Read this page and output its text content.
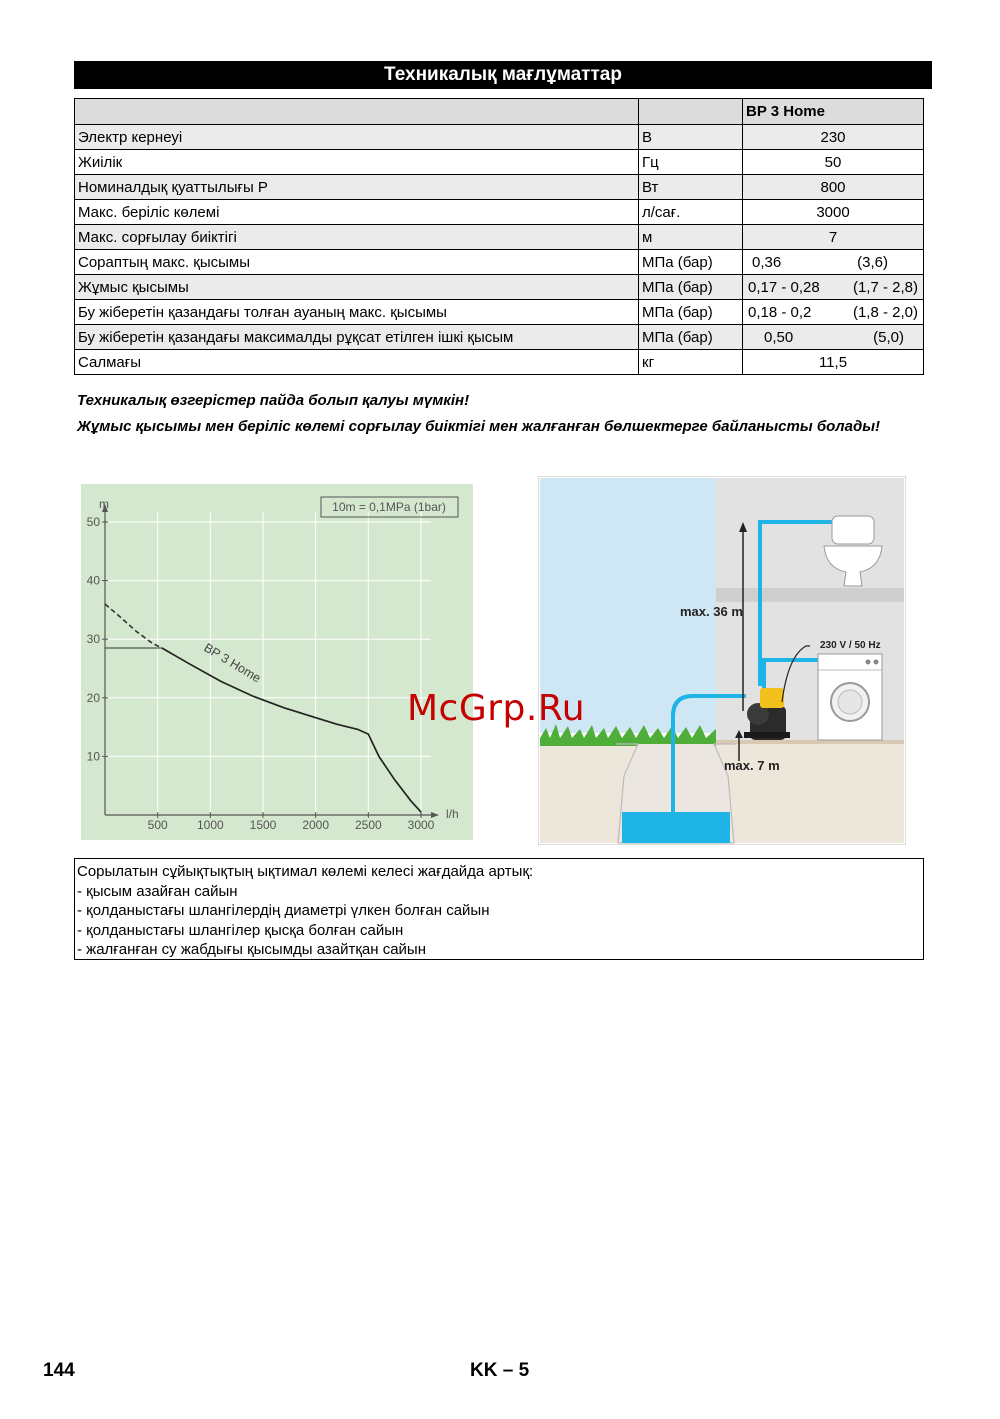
Техникалық мағлұматтар
		BP 3 Home
Электр кернеуі	В	230
Жиілік	Гц	50
Номиналдық қуаттылығы P	Вт	800
Макс. беріліс көлемі	л/сағ.	3000
Макс. сорғылау биіктігі	м	7
Сораптың макс. қысымы	МПа (бар)	0,36 (3,6)

Жұмыс қысымы	МПа (бар)	0,17 - 0,28 (1,7 - 2,8)

Бу жіберетін қазандағы толған ауаның макс. қысымы	МПа (бар)	0,18 - 0,2 (1,8 - 2,0)

Бу жіберетін қазандағы максималды рұқсат етілген ішкі қысым	МПа (бар)	0,50 (5,0)

Салмағы	кг	11,5
Техникалық өзгерістер пайда болып қалуы мүмкін!
Жұмыс қысымы мен беріліс көлемі сорғылау биіктігі мен жалғанған бөлшектерге байланысты болады!
500 1000 1500 2000 2500 3000
10
20
30
40
50
m
l/h
10m = 0,1MPa (1bar)
BP 3 Home
max. 7 m
max. 36 m
230 V / 50 Hz
McGrp.Ru
Сорылатын сұйықтықтың ықтимал көлемі келесі жағдайда артық:
- қысым азайған сайын
- қолданыстағы шлангілердің диаметрі үлкен болған сайын
- қолданыстағы шлангілер қысқа болған сайын
- жалғанған су жабдығы қысымды азайтқан сайын
144	KK – 5
